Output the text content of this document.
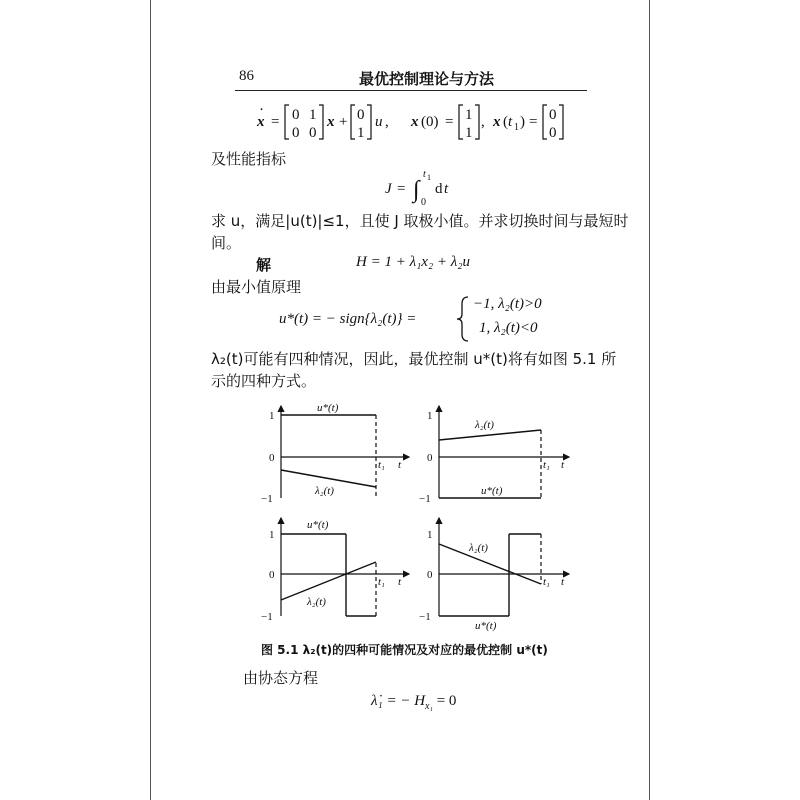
86	最优控制理论与方法
x
·
= 0 1
0 0
x + 0
1
u , x (0) = 1
1
, x ( t 1 ) = 0
0
及性能指标
J = ∫
t 1
0
d t
求 u，满足|u(t)|≤1，且使 J 取极小值。并求切换时间与最短时
间。
解	H = 1 + λ₁x₂ + λ₂u
由最小值原理
u*(t) = − sign{λ₂(t)} =
−1, λ₂(t)>0
1, λ₂(t)<0
λ₂(t)可能有四种情况，因此，最优控制 u*(t)将有如图 5.1 所
示的四种方式。
1
0
−1
u*(t)
λ₂(t)
t₁ t
1
0
−1
λ₂(t)
u*(t)
t₁ t
1
0
−1
u*(t)
λ₂(t)
t₁ t
1
0
−1
λ₂(t)
u*(t)
t₁ t
图 5.1 λ₂(t)的四种可能情况及对应的最优控制 u*(t)
由协态方程
λ̇₁ = − $H_{x_1} = 0$
